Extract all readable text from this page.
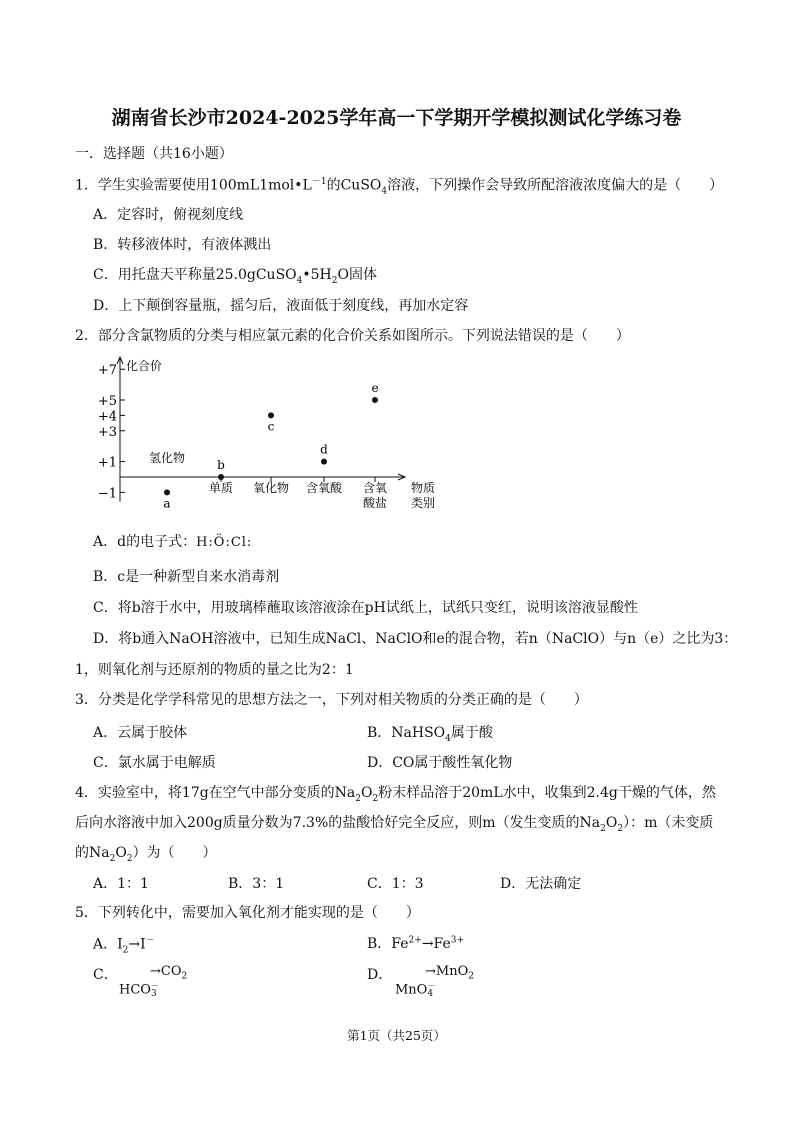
湖南省长沙市2024-2025学年高一下学期开学模拟测试化学练习卷
一．选择题（共16小题）
1．学生实验需要使用$100mL1mol•L^{-1}$的CuSO$_4$溶液，下列操作会导致所配溶液浓度偏大的是（　　）
A．定容时，俯视刻度线
B．转移液体时，有液体溅出
C．用托盘天平称量$25.0gCuSO_4•5H_2O$固体
D．上下颠倒容量瓶，摇匀后，液面低于刻度线，再加水定容
2．部分含氯物质的分类与相应氯元素的化合价关系如图所示。下列说法错误的是（　　）
化合价
+7
+5
+4
+3
+1
−1
氢化物
单质 氧化物 含氧酸 含氧
酸盐
物质
类别
a
b
c
d
e
A．d的电子式：H:Ö:Cl:
B．c是一种新型自来水消毒剂
C．将b溶于水中，用玻璃棒蘸取该溶液涂在pH试纸上，试纸只变红，说明该溶液显酸性
D．将b通入NaOH溶液中，已知生成NaCl、NaClO和e的混合物，若n（NaClO）与n（e）之比为3：
1，则氧化剂与还原剂的物质的量之比为2：1
3．分类是化学学科常见的思想方法之一，下列对相关物质的分类正确的是（　　）
A．云属于胶体	B．NaHSO$_4$属于酸
C．氯水属于电解质	D．CO属于酸性氧化物
4．实验室中，将17g在空气中部分变质的$Na_2O_2$粉末样品溶于20mL水中，收集到2.4g干燥的气体，然
后向水溶液中加入200g质量分数为7.3%的盐酸恰好完全反应，则m（发生变质的$Na_2O_2$）：m（未变质
的$Na_2O_2$）为（　　）
A．1：1	B．3：1	C．1：3	D．无法确定
5．下列转化中，需要加入氧化剂才能实现的是（　　）
A．$I_2\to I^-$	B．$Fe^{2+}\to Fe^{3+}$
C． $\to CO_2$
HCO －
3
D．	→MnO$_2$
MnO －
4
第1页（共25页）
